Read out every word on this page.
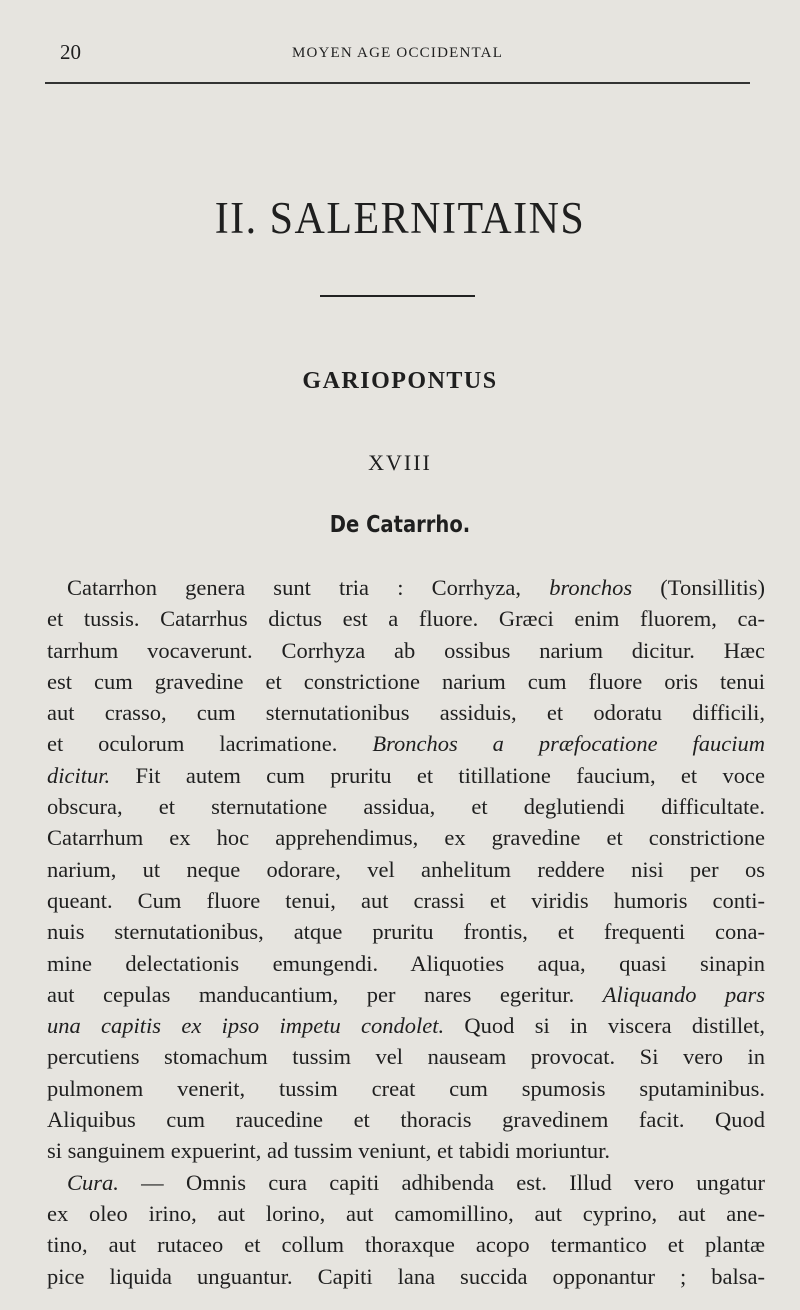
20	MOYEN AGE OCCIDENTAL
II. SALERNITAINS
GARIOPONTUS
XVIII
De Catarrho.
Catarrhon genera sunt tria : Corrhyza, bronchos (Tonsillitis)
et tussis. Catarrhus dictus est a fluore. Græci enim fluorem, ca-
tarrhum vocaverunt. Corrhyza ab ossibus narium dicitur. Hæc
est cum gravedine et constrictione narium cum fluore oris tenui
aut crasso, cum sternutationibus assiduis, et odoratu difficili,
et oculorum lacrimatione. Bronchos a præfocatione faucium
dicitur. Fit autem cum pruritu et titillatione faucium, et voce
obscura, et sternutatione assidua, et deglutiendi difficultate.
Catarrhum ex hoc apprehendimus, ex gravedine et constrictione
narium, ut neque odorare, vel anhelitum reddere nisi per os
queant. Cum fluore tenui, aut crassi et viridis humoris conti-
nuis sternutationibus, atque pruritu frontis, et frequenti cona-
mine delectationis emungendi. Aliquoties aqua, quasi sinapin
aut cepulas manducantium, per nares egeritur. Aliquando pars
una capitis ex ipso impetu condolet. Quod si in viscera distillet,
percutiens stomachum tussim vel nauseam provocat. Si vero in
pulmonem venerit, tussim creat cum spumosis sputaminibus.
Aliquibus cum raucedine et thoracis gravedinem facit. Quod
si sanguinem expuerint, ad tussim veniunt, et tabidi moriuntur.
Cura. — Omnis cura capiti adhibenda est. Illud vero ungatur
ex oleo irino, aut lorino, aut camomillino, aut cyprino, aut ane-
tino, aut rutaceo et collum thoraxque acopo termantico et plantæ
pice liquida unguantur. Capiti lana succida opponantur ; balsa-
